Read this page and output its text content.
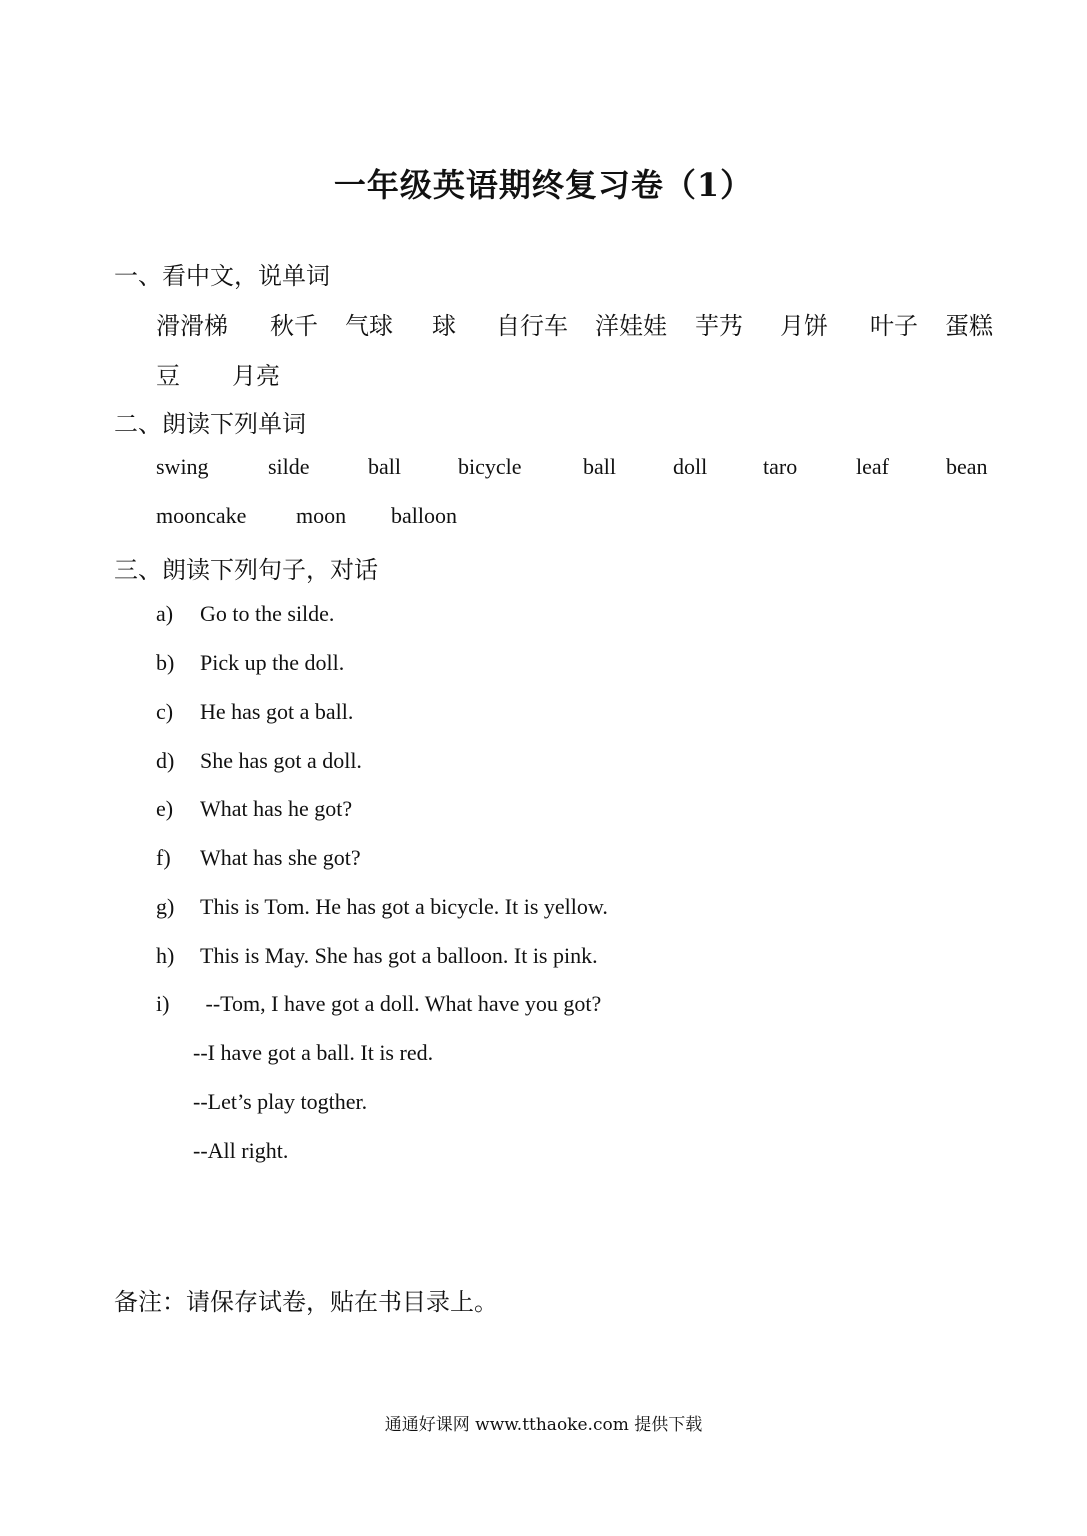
一年级英语期终复习卷（1）
一、看中文，说单词
滑滑梯 秋千 气球 球 自行车 洋娃娃 芋艿 月饼 叶子 蛋糕
豆 月亮
二、朗读下列单词
swing	silde	ball	bicycle	ball	doll	taro	leaf	bean
mooncake moon balloon
三、朗读下列句子，对话
a) Go to the silde.
b) Pick up the doll.
c) He has got a ball.
d) She has got a doll.
e) What has he got?
f) What has she got?
g) This is Tom. He has got a bicycle. It is yellow.
h) This is May. She has got a balloon. It is pink.
i) --Tom, I have got a doll. What have you got?
--I have got a ball. It is red.
--Let’s play togther.
--All right.
备注：请保存试卷，贴在书目录上。
通通好课网 www.tthaoke.com 提供下载
